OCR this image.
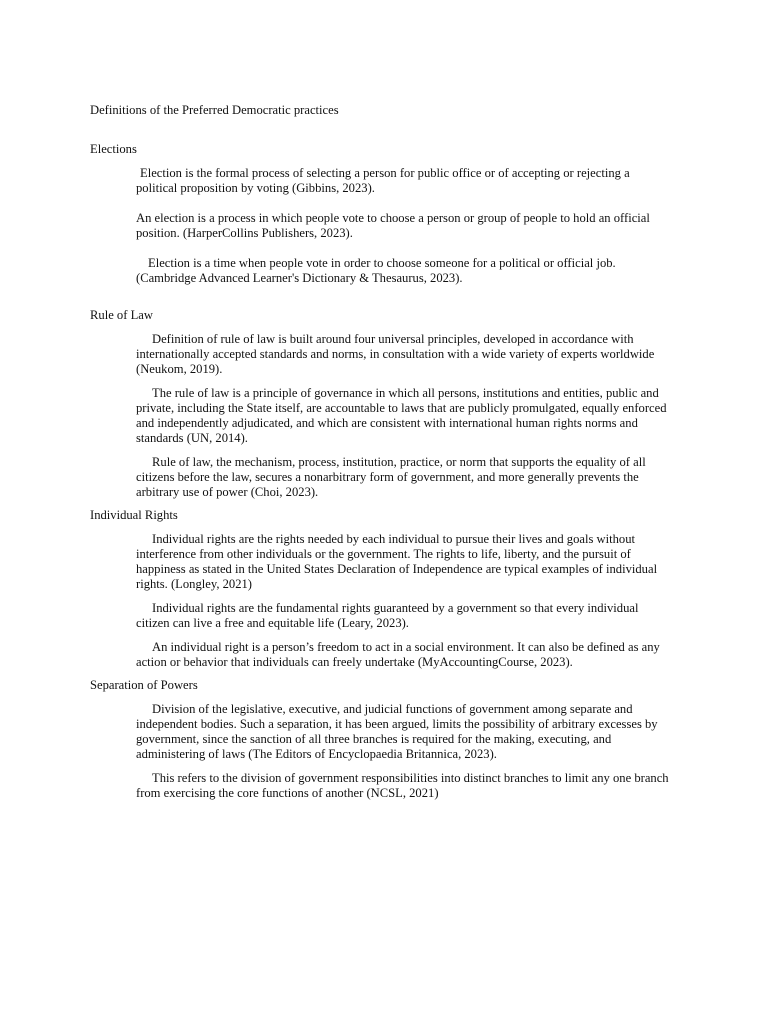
Definitions of the Preferred Democratic practices
Elections

Election is the formal process of selecting a person for public office or of accepting or rejecting a political proposition by voting (Gibbins, 2023).

An election is a process in which people vote to choose a person or group of people to hold an official position. (HarperCollins Publishers, 2023).

Election is a time when people vote in order to choose someone for a political or official job. (Cambridge Advanced Learner's Dictionary & Thesaurus, 2023).

Rule of Law

Definition of rule of law is built around four universal principles, developed in accordance with internationally accepted standards and norms, in consultation with a wide variety of experts worldwide (Neukom, 2019).

The rule of law is a principle of governance in which all persons, institutions and entities, public and private, including the State itself, are accountable to laws that are publicly promulgated, equally enforced and independently adjudicated, and which are consistent with international human rights norms and standards (UN, 2014).

Rule of law, the mechanism, process, institution, practice, or norm that supports the equality of all citizens before the law, secures a nonarbitrary form of government, and more generally prevents the arbitrary use of power (Choi, 2023).

Individual Rights

Individual rights are the rights needed by each individual to pursue their lives and goals without interference from other individuals or the government. The rights to life, liberty, and the pursuit of happiness as stated in the United States Declaration of Independence are typical examples of individual rights. (Longley, 2021)

Individual rights are the fundamental rights guaranteed by a government so that every individual citizen can live a free and equitable life (Leary, 2023).

An individual right is a person’s freedom to act in a social environment. It can also be defined as any action or behavior that individuals can freely undertake (MyAccountingCourse, 2023).

Separation of Powers

Division of the legislative, executive, and judicial functions of government among separate and independent bodies. Such a separation, it has been argued, limits the possibility of arbitrary excesses by government, since the sanction of all three branches is required for the making, executing, and administering of laws (The Editors of Encyclopaedia Britannica, 2023).

This refers to the division of government responsibilities into distinct branches to limit any one branch from exercising the core functions of another (NCSL, 2021)
